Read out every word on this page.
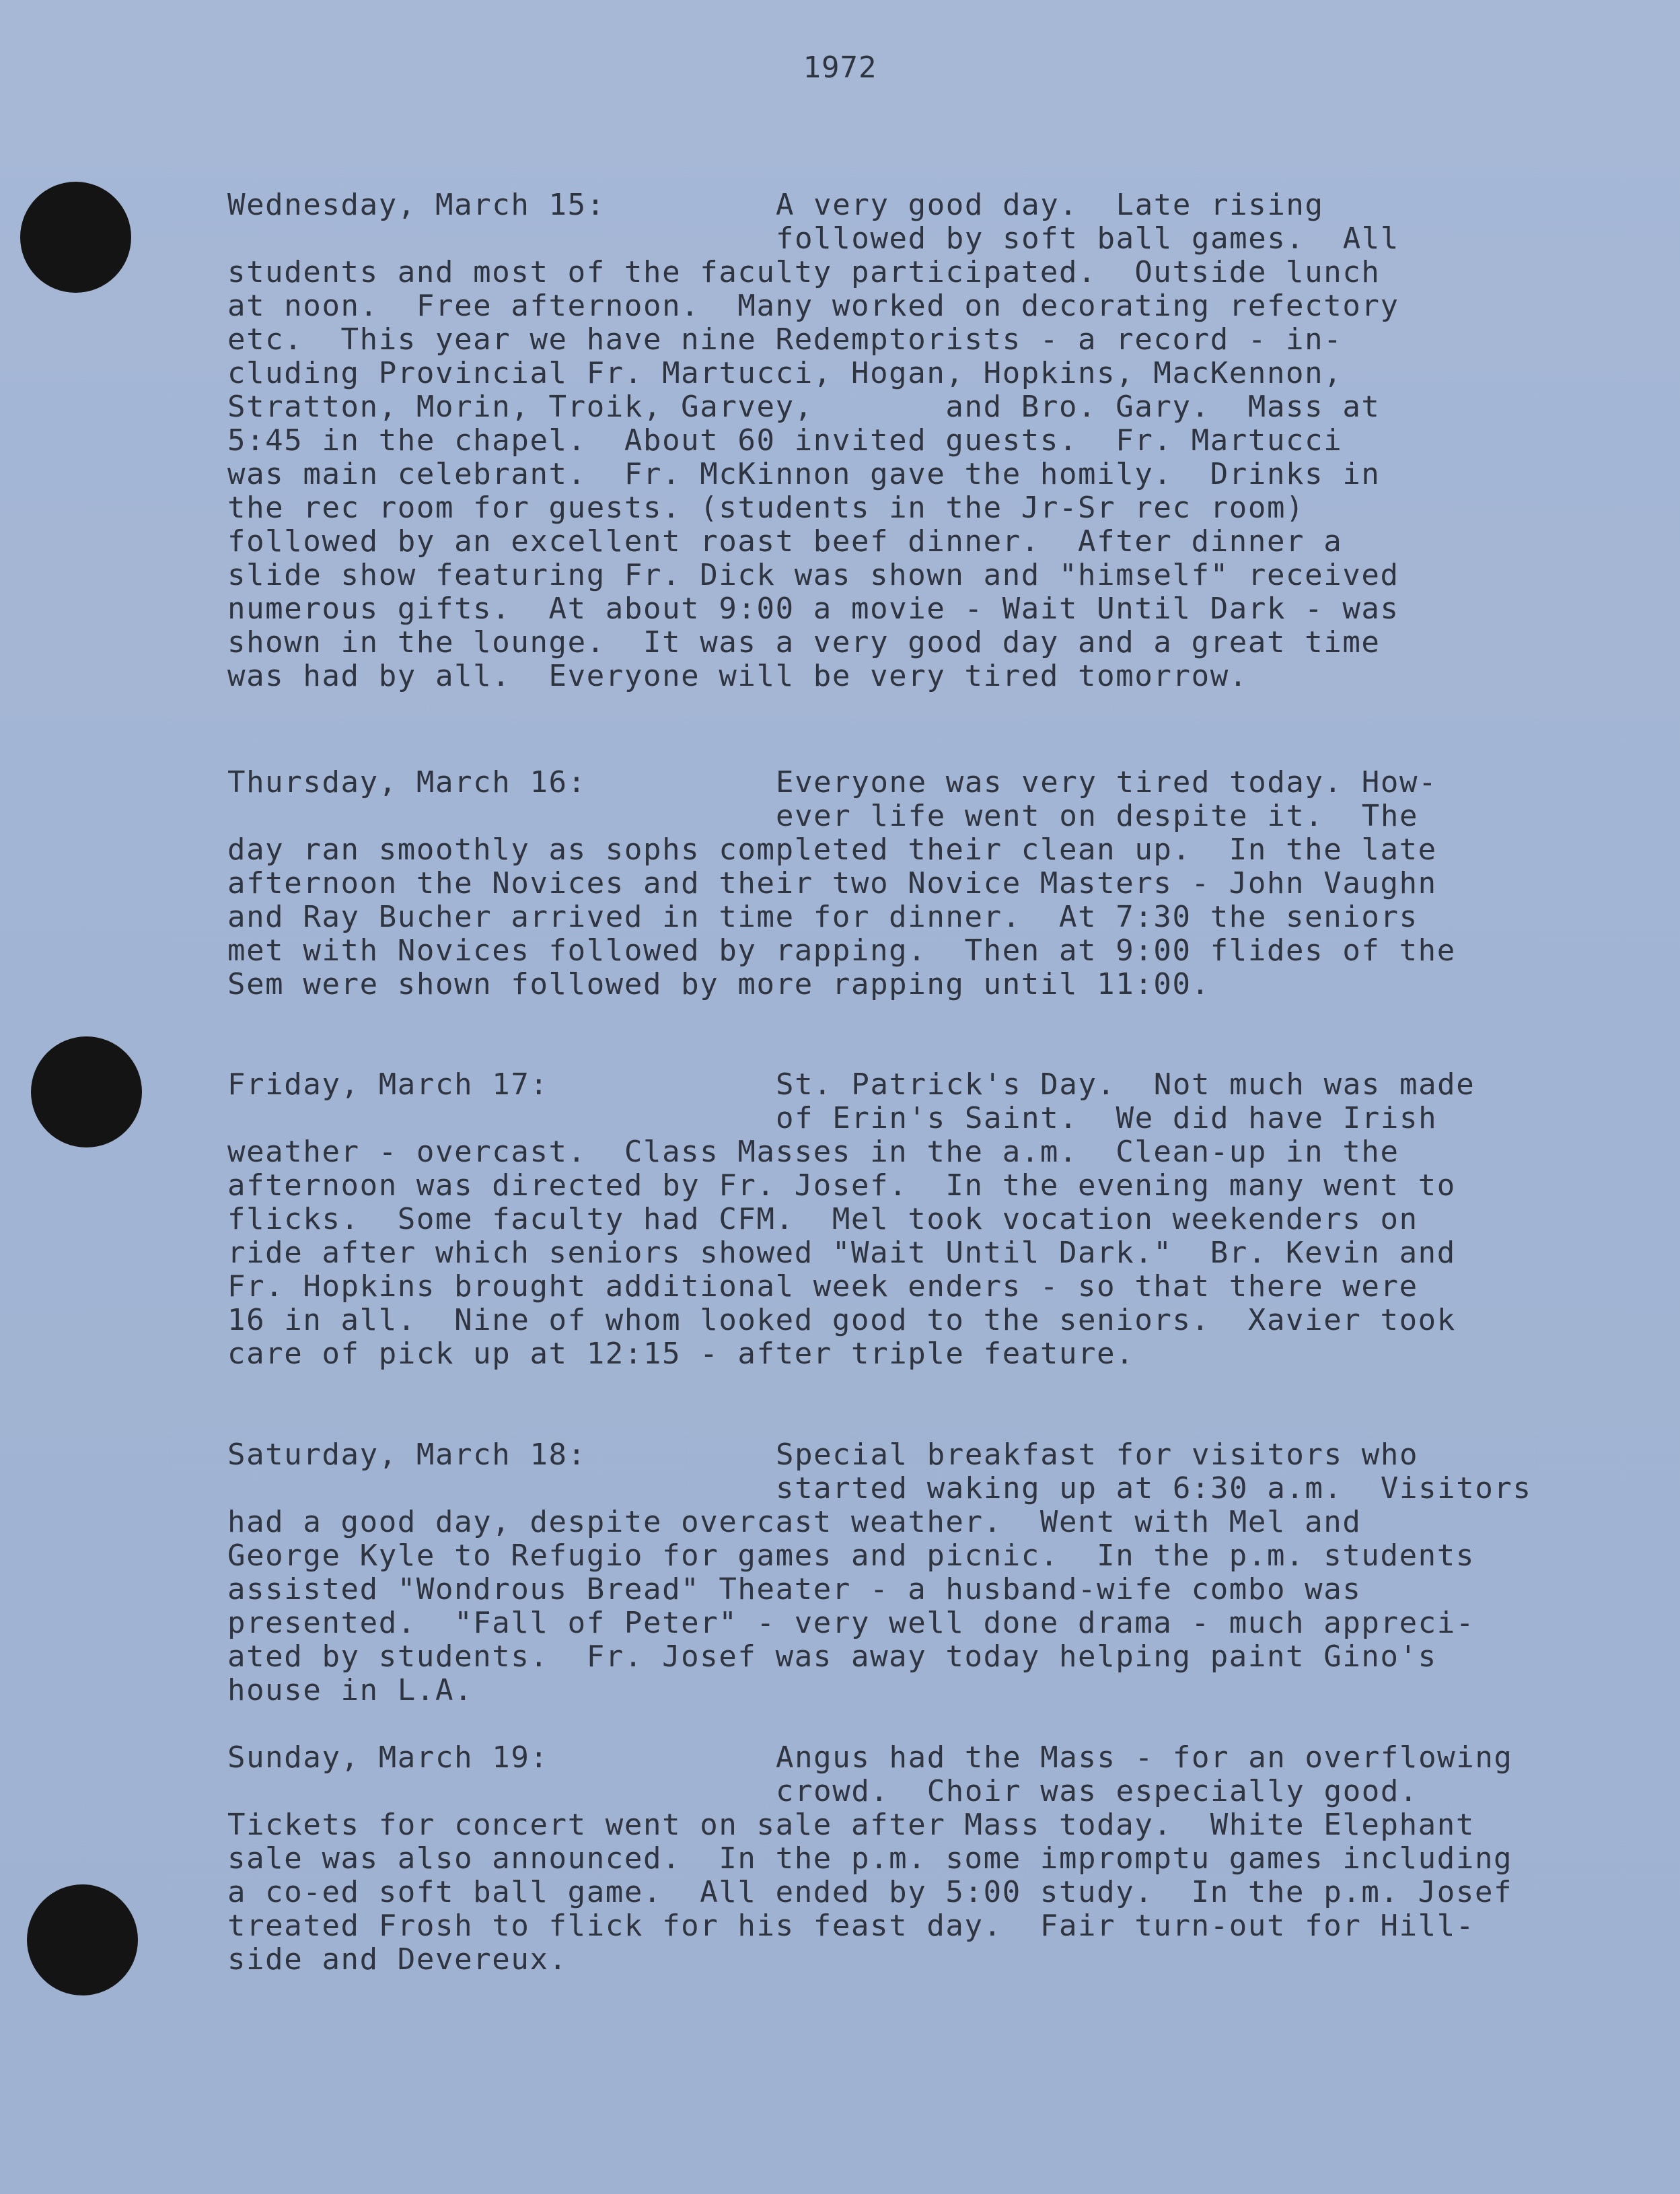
1972

Wednesday, March 15:

	A very good day.  Late rising

followed by soft ball games.  All
students and most of the faculty participated.  Outside lunch
at noon.  Free afternoon.  Many worked on decorating refectory
etc.  This year we have nine Redemptorists - a record - in-
cluding Provincial Fr. Martucci, Hogan, Hopkins, MacKennon,
Stratton, Morin, Troik, Garvey,       and Bro. Gary.  Mass at
5:45 in the chapel.  About 60 invited guests.  Fr. Martucci
was main celebrant.  Fr. McKinnon gave the homily.  Drinks in
the rec room for guests. (students in the Jr-Sr rec room)
followed by an excellent roast beef dinner.  After dinner a
slide show featuring Fr. Dick was shown and "himself" received
numerous gifts.  At about 9:00 a movie - Wait Until Dark - was
shown in the lounge.  It was a very good day and a great time
was had by all.  Everyone will be very tired tomorrow.

Thursday, March 16:

	Everyone was very tired today. How-

ever life went on despite it.  The
day ran smoothly as sophs completed their clean up.  In the late
afternoon the Novices and their two Novice Masters - John Vaughn
and Ray Bucher arrived in time for dinner.  At 7:30 the seniors
met with Novices followed by rapping.  Then at 9:00 flides of the
Sem were shown followed by more rapping until 11:00.

Friday, March 17:

	St. Patrick's Day.  Not much was made

of Erin's Saint.  We did have Irish
weather - overcast.  Class Masses in the a.m.  Clean-up in the
afternoon was directed by Fr. Josef.  In the evening many went to
flicks.  Some faculty had CFM.  Mel took vocation weekenders on
ride after which seniors showed "Wait Until Dark."  Br. Kevin and
Fr. Hopkins brought additional week enders - so that there were
16 in all.  Nine of whom looked good to the seniors.  Xavier took
care of pick up at 12:15 - after triple feature.

Saturday, March 18:

	Special breakfast for visitors who

started waking up at 6:30 a.m.  Visitors
had a good day, despite overcast weather.  Went with Mel and
George Kyle to Refugio for games and picnic.  In the p.m. students
assisted "Wondrous Bread" Theater - a husband-wife combo was
presented.  "Fall of Peter" - very well done drama - much appreci-
ated by students.  Fr. Josef was away today helping paint Gino's
house in L.A.

Sunday, March 19:

	Angus had the Mass - for an overflowing

crowd.  Choir was especially good.
Tickets for concert went on sale after Mass today.  White Elephant
sale was also announced.  In the p.m. some impromptu games including
a co-ed soft ball game.  All ended by 5:00 study.  In the p.m. Josef
treated Frosh to flick for his feast day.  Fair turn-out for Hill-
side and Devereux.
